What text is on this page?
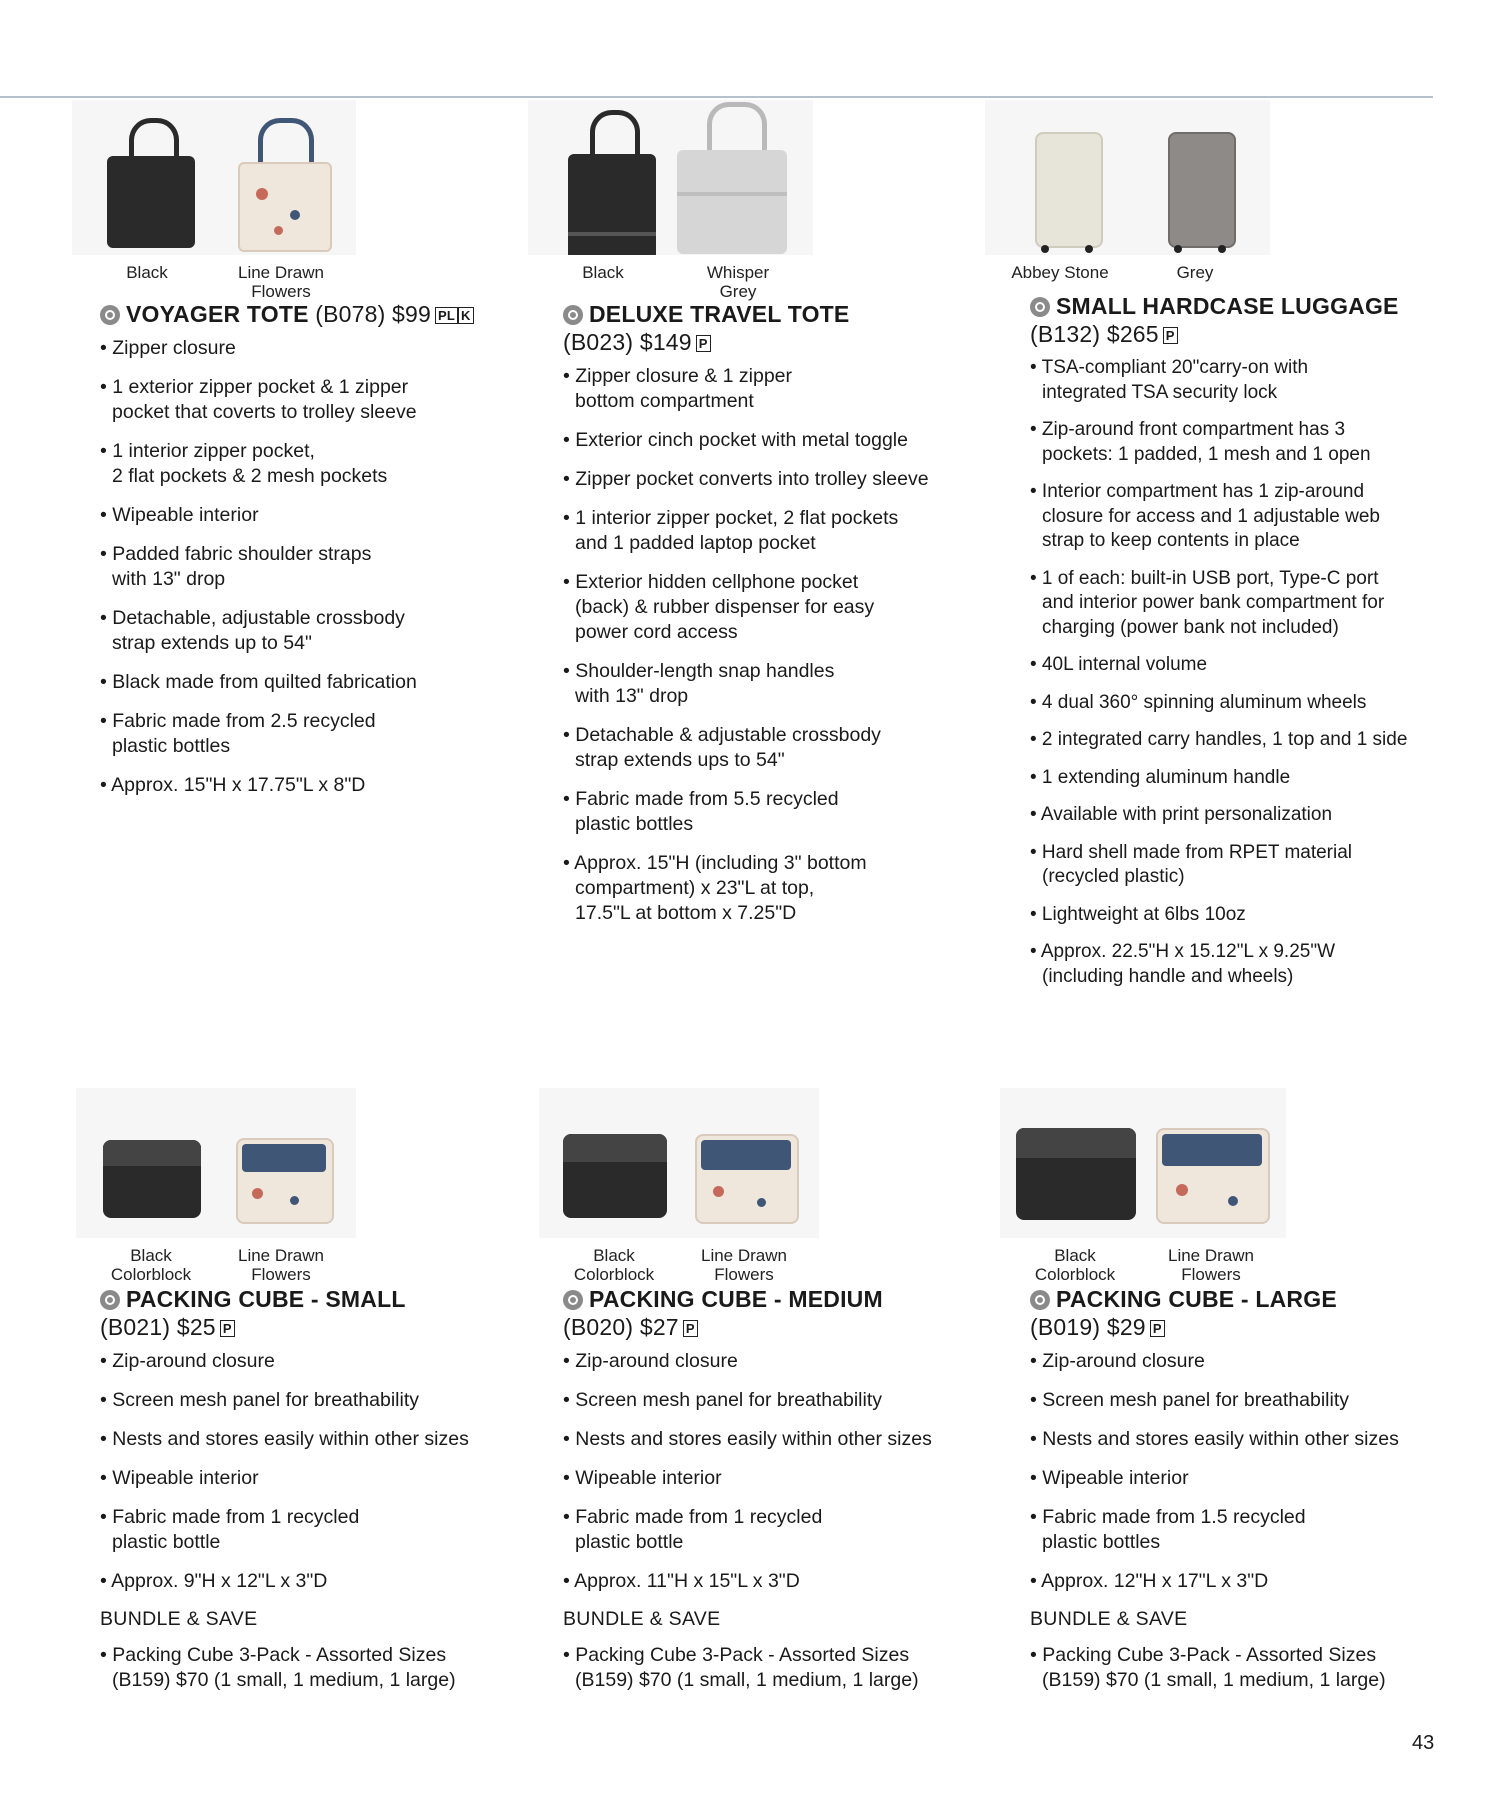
Black	Line Drawn
Flowers
VOYAGER TOTE (B078) $99 PL K
• Zipper closure
• 1 exterior zipper pocket & 1 zipper
pocket that coverts to trolley sleeve
• 1 interior zipper pocket,
2 flat pockets & 2 mesh pockets
• Wipeable interior
• Padded fabric shoulder straps
with 13" drop
• Detachable, adjustable crossbody
strap extends up to 54"
• Black made from quilted fabrication
• Fabric made from 2.5 recycled
plastic bottles
• Approx. 15"H x 17.75"L x 8"D
Black	Whisper
Grey
DELUXE TRAVEL TOTE
(B023) $149 P
• Zipper closure & 1 zipper
bottom compartment
• Exterior cinch pocket with metal toggle
• Zipper pocket converts into trolley sleeve
• 1 interior zipper pocket, 2 flat pockets
and 1 padded laptop pocket
• Exterior hidden cellphone pocket
(back) & rubber dispenser for easy
power cord access
• Shoulder-length snap handles
with 13" drop
• Detachable & adjustable crossbody
strap extends ups to 54"
• Fabric made from 5.5 recycled
plastic bottles
• Approx. 15"H (including 3" bottom
compartment) x 23"L at top,
17.5"L at bottom x 7.25"D
Abbey Stone	Grey
SMALL HARDCASE LUGGAGE
(B132) $265 P
• TSA-compliant 20"carry-on with
integrated TSA security lock
• Zip-around front compartment has 3
pockets: 1 padded, 1 mesh and 1 open
• Interior compartment has 1 zip-around
closure for access and 1 adjustable web
strap to keep contents in place
• 1 of each: built-in USB port, Type-C port
and interior power bank compartment for
charging (power bank not included)
• 40L internal volume
• 4 dual 360° spinning aluminum wheels
• 2 integrated carry handles, 1 top and 1 side
• 1 extending aluminum handle
• Available with print personalization
• Hard shell made from RPET material
(recycled plastic)
• Lightweight at 6lbs 10oz
• Approx. 22.5"H x 15.12"L x 9.25"W
(including handle and wheels)
Black
Colorblock
Line Drawn
Flowers
PACKING CUBE - SMALL
(B021) $25 P
• Zip-around closure
• Screen mesh panel for breathability
• Nests and stores easily within other sizes
• Wipeable interior
• Fabric made from 1 recycled
plastic bottle
• Approx. 9"H x 12"L x 3"D
BUNDLE & SAVE
• Packing Cube 3-Pack - Assorted Sizes
(B159) $70 (1 small, 1 medium, 1 large)
Black
Colorblock
Line Drawn
Flowers
PACKING CUBE - MEDIUM
(B020) $27 P
• Zip-around closure
• Screen mesh panel for breathability
• Nests and stores easily within other sizes
• Wipeable interior
• Fabric made from 1 recycled
plastic bottle
• Approx. 11"H x 15"L x 3"D
BUNDLE & SAVE
• Packing Cube 3-Pack - Assorted Sizes
(B159) $70 (1 small, 1 medium, 1 large)
Black
Colorblock
Line Drawn
Flowers
PACKING CUBE - LARGE
(B019) $29 P
• Zip-around closure
• Screen mesh panel for breathability
• Nests and stores easily within other sizes
• Wipeable interior
• Fabric made from 1.5 recycled
plastic bottles
• Approx. 12"H x 17"L x 3"D
BUNDLE & SAVE
• Packing Cube 3-Pack - Assorted Sizes
(B159) $70 (1 small, 1 medium, 1 large)
43
